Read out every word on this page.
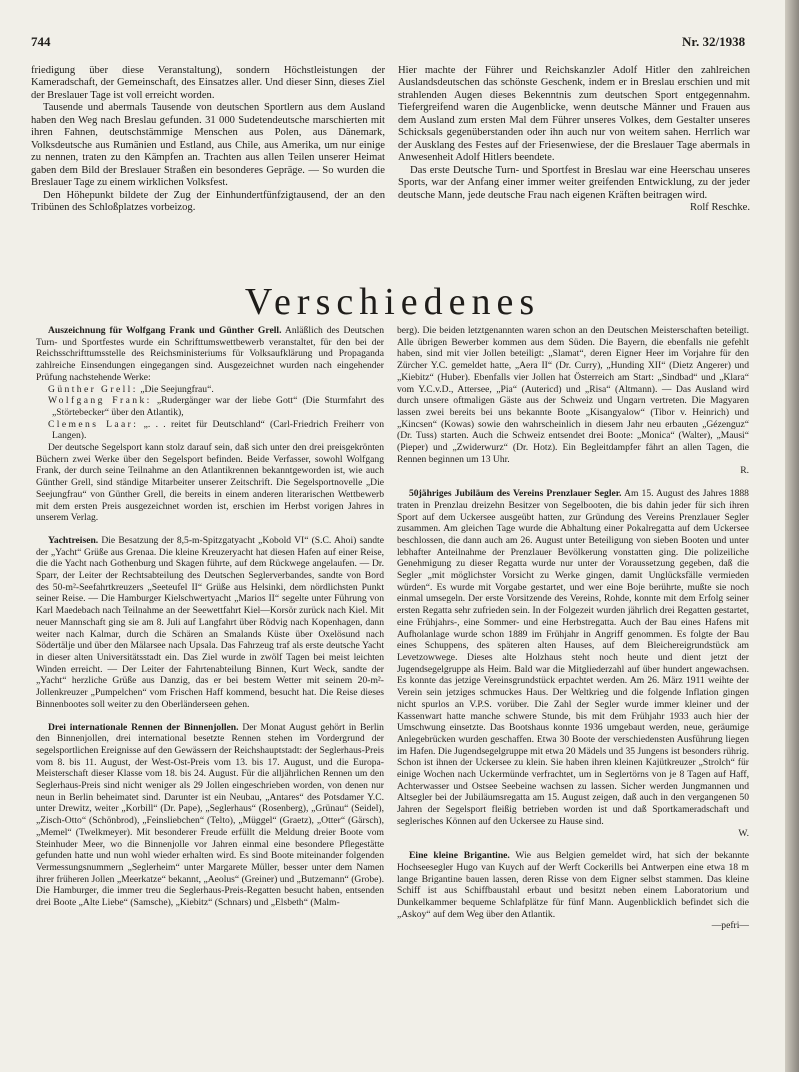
744	Nr. 32/1938

friedigung über diese Veranstaltung), sondern Höchstleistungen der Kameradschaft, der Gemeinschaft, des Einsatzes aller. Und dieser Sinn, dieses Ziel der Breslauer Tage ist voll erreicht worden.

Tausende und abermals Tausende von deutschen Sportlern aus dem Ausland haben den Weg nach Breslau gefunden. 31 000 Sudetendeutsche marschierten mit ihren Fahnen, deutschstämmige Menschen aus Polen, aus Dänemark, Volksdeutsche aus Rumänien und Estland, aus Chile, aus Amerika, um nur einige zu nennen, traten zu den Kämpfen an. Trachten aus allen Teilen unserer Heimat gaben dem Bild der Breslauer Straßen ein besonderes Gepräge. — So wurden die Breslauer Tage zu einem wirklichen Volksfest.

Den Höhepunkt bildete der Zug der Einhundertfünfzigtausend, der an den Tribünen des Schloßplatzes vorbeizog.

Hier machte der Führer und Reichskanzler Adolf Hitler den zahlreichen Auslandsdeutschen das schönste Geschenk, indem er in Breslau erschien und mit strahlenden Augen dieses Bekenntnis zum deutschen Sport entgegennahm. Tiefergreifend waren die Augenblicke, wenn deutsche Männer und Frauen aus dem Ausland zum ersten Mal dem Führer unseres Volkes, dem Gestalter unseres Schicksals gegenüberstanden oder ihn auch nur von weitem sahen. Herrlich war der Ausklang des Festes auf der Friesenwiese, der die Breslauer Tage abermals in Anwesenheit Adolf Hitlers beendete.

Das erste Deutsche Turn- und Sportfest in Breslau war eine Heerschau unseres Sports, war der Anfang einer immer weiter greifenden Entwicklung, zu der jeder deutsche Mann, jede deutsche Frau nach eigenen Kräften beitragen wird.

Rolf Reschke.

Verschiedenes

Auszeichnung für Wolfgang Frank und Günther Grell. Anläßlich des Deutschen Turn- und Sportfestes wurde ein Schrifttumswettbewerb veranstaltet, für den bei der Reichsschrifttumsstelle des Reichsministeriums für Volksaufklärung und Propaganda zahlreiche Einsendungen eingegangen sind. Ausgezeichnet wurden nach eingehender Prüfung nachstehende Werke:

Günther Grell: „Die Seejungfrau“.

Wolfgang Frank: „Rudergänger war der liebe Gott“ (Die Sturmfahrt des „Störtebecker“ über den Atlantik),

Clemens Laar: „. . . reitet für Deutschland“ (Carl-Friedrich Freiherr von Langen).

Der deutsche Segelsport kann stolz darauf sein, daß sich unter den drei preisgekrönten Büchern zwei Werke über den Segelsport befinden. Beide Verfasser, sowohl Wolfgang Frank, der durch seine Teilnahme an den Atlantikrennen bekanntgeworden ist, wie auch Günther Grell, sind ständige Mitarbeiter unserer Zeitschrift. Die Segelsportnovelle „Die Seejungfrau“ von Günther Grell, die bereits in einem anderen literarischen Wettbewerb mit dem ersten Preis ausgezeichnet worden ist, erschien im Herbst vorigen Jahres in unserem Verlag.

Yachtreisen. Die Besatzung der 8,5-m-Spitzgatyacht „Kobold VI“ (S.C. Ahoi) sandte der „Yacht“ Grüße aus Grenaa. Die kleine Kreuzeryacht hat diesen Hafen auf einer Reise, die die Yacht nach Gothenburg und Skagen führte, auf dem Rückwege angelaufen. — Dr. Sparr, der Leiter der Rechtsabteilung des Deutschen Seglerverbandes, sandte von Bord des 50-m²-Seefahrtkreuzers „Seeteufel II“ Grüße aus Helsinki, dem nördlichsten Punkt seiner Reise. — Die Hamburger Kielschwertyacht „Marios II“ segelte unter Führung von Karl Maedebach nach Teilnahme an der Seewettfahrt Kiel—Korsör zurück nach Kiel. Mit neuer Mannschaft ging sie am 8. Juli auf Langfahrt über Rödvig nach Kopenhagen, dann weiter nach Kalmar, durch die Schären an Smalands Küste über Oxelösund nach Södertälje und über den Mälarsee nach Upsala. Das Fahrzeug traf als erste deutsche Yacht in dieser alten Universitätsstadt ein. Das Ziel wurde in zwölf Tagen bei meist leichten Winden erreicht. — Der Leiter der Fahrtenabteilung Binnen, Kurt Weck, sandte der „Yacht“ herzliche Grüße aus Danzig, das er bei bestem Wetter mit seinem 20-m²-Jollenkreuzer „Pumpelchen“ vom Frischen Haff kommend, besucht hat. Die Reise dieses Binnenbootes soll weiter zu den Oberländerseen gehen.

Drei internationale Rennen der Binnenjollen. Der Monat August gehört in Berlin den Binnenjollen, drei international besetzte Rennen stehen im Vordergrund der segelsportlichen Ereignisse auf den Gewässern der Reichshauptstadt: der Seglerhaus-Preis vom 8. bis 11. August, der West-Ost-Preis vom 13. bis 17. August, und die Europa-Meisterschaft dieser Klasse vom 18. bis 24. August. Für die alljährlichen Rennen um den Seglerhaus-Preis sind nicht weniger als 29 Jollen eingeschrieben worden, von denen nur neun in Berlin beheimatet sind. Darunter ist ein Neubau, „Antares“ des Potsdamer Y.C. unter Drewitz, weiter „Korbill“ (Dr. Pape), „Seglerhaus“ (Rosenberg), „Grünau“ (Seidel), „Zisch-Otto“ (Schönbrod), „Feinsliebchen“ (Telto), „Müggel“ (Graetz), „Otter“ (Gärsch), „Memel“ (Twelkmeyer). Mit besonderer Freude erfüllt die Meldung dreier Boote vom Steinhuder Meer, wo die Binnenjolle vor Jahren einmal eine besondere Pflegestätte gefunden hatte und nun wohl wieder erhalten wird. Es sind Boote miteinander folgenden Vermessungsnummern „Seglerheim“ unter Margarete Müller, besser unter dem Namen ihrer früheren Jollen „Meerkatze“ bekannt, „Aeolus“ (Greiner) und „Butzemann“ (Grobe). Die Hamburger, die immer treu die Seglerhaus-Preis-Regatten besucht haben, entsenden drei Boote „Alte Liebe“ (Samsche), „Kiebitz“ (Schnars) und „Elsbeth“ (Malm-

berg). Die beiden letztgenannten waren schon an den Deutschen Meisterschaften beteiligt. Alle übrigen Bewerber kommen aus dem Süden. Die Bayern, die ebenfalls nie gefehlt haben, sind mit vier Jollen beteiligt: „Slamat“, deren Eigner Heer im Vorjahre für den Zürcher Y.C. gemeldet hatte, „Aera II“ (Dr. Curry), „Hunding XII“ (Dietz Angerer) und „Kiebitz“ (Huber). Ebenfalls vier Jollen hat Österreich am Start: „Sindbad“ und „Klara“ vom Y.C.v.D., Attersee, „Pia“ (Autericd) und „Risa“ (Altmann). — Das Ausland wird durch unsere oftmaligen Gäste aus der Schweiz und Ungarn vertreten. Die Magyaren lassen zwei bereits bei uns bekannte Boote „Kisangyalow“ (Tibor v. Heinrich) und „Kincsen“ (Kowas) sowie den wahrscheinlich in diesem Jahr neu erbauten „Gézenguz“ (Dr. Tuss) starten. Auch die Schweiz entsendet drei Boote: „Monica“ (Walter), „Mausi“ (Pieper) und „Zwiderwurz“ (Dr. Hotz). Ein Begleitdampfer fährt an allen Tagen, die Rennen beginnen um 13 Uhr.

R.

50jähriges Jubiläum des Vereins Prenzlauer Segler. Am 15. August des Jahres 1888 traten in Prenzlau dreizehn Besitzer von Segelbooten, die bis dahin jeder für sich ihren Sport auf dem Uckersee ausgeübt hatten, zur Gründung des Vereins Prenzlauer Segler zusammen. Am gleichen Tage wurde die Abhaltung einer Pokalregatta auf dem Uckersee beschlossen, die dann auch am 26. August unter Beteiligung von sieben Booten und unter lebhafter Anteilnahme der Prenzlauer Bevölkerung vonstatten ging. Die polizeiliche Genehmigung zu dieser Regatta wurde nur unter der Voraussetzung gegeben, daß die Segler „mit möglichster Vorsicht zu Werke gingen, damit Unglücksfälle vermieden würden“. Es wurde mit Vorgabe gestartet, und wer eine Boje berührte, mußte sie noch einmal umsegeln. Der erste Vorsitzende des Vereins, Rohde, konnte mit dem Erfolg seiner ersten Regatta sehr zufrieden sein. In der Folgezeit wurden jährlich drei Regatten gestartet, eine Frühjahrs-, eine Sommer- und eine Herbstregatta. Auch der Bau eines Hafens mit Aufholanlage wurde schon 1889 im Frühjahr in Angriff genommen. Es folgte der Bau eines Schuppens, des späteren alten Hauses, auf dem Bleichereigrundstück am Levetzowwege. Dieses alte Holzhaus steht noch heute und dient jetzt der Jugendsegelgruppe als Heim. Bald war die Mitgliederzahl auf über hundert angewachsen. Es konnte das jetzige Vereinsgrundstück erpachtet werden. Am 26. März 1911 weihte der Verein sein jetziges schmuckes Haus. Der Weltkrieg und die folgende Inflation gingen nicht spurlos an V.P.S. vorüber. Die Zahl der Segler wurde immer kleiner und der Kassenwart hatte manche schwere Stunde, bis mit dem Frühjahr 1933 auch hier der Umschwung einsetzte. Das Bootshaus konnte 1936 umgebaut werden, neue, geräumige Anlegebrücken wurden geschaffen. Etwa 30 Boote der verschiedensten Ausführung liegen im Hafen. Die Jugendsegelgruppe mit etwa 20 Mädels und 35 Jungens ist besonders rührig. Schon ist ihnen der Uckersee zu klein. Sie haben ihren kleinen Kajütkreuzer „Strolch“ für einige Wochen nach Uckermünde verfrachtet, um in Seglertörns von je 8 Tagen auf Haff, Achterwasser und Ostsee Seebeine wachsen zu lassen. Sicher werden Jungmannen und Altsegler bei der Jubiläumsregatta am 15. August zeigen, daß auch in den vergangenen 50 Jahren der Segelsport fleißig betrieben worden ist und daß Sportkameradschaft und seglerisches Können auf den Uckersee zu Hause sind.

W.

Eine kleine Brigantine. Wie aus Belgien gemeldet wird, hat sich der bekannte Hochseesegler Hugo van Kuych auf der Werft Cockerills bei Antwerpen eine etwa 18 m lange Brigantine bauen lassen, deren Risse von dem Eigner selbst stammen. Das kleine Schiff ist aus Schiffbaustahl erbaut und besitzt neben einem Laboratorium und Dunkelkammer bequeme Schlafplätze für fünf Mann. Augenblicklich befindet sich die „Askoy“ auf dem Weg über den Atlantik.

—pefri—
